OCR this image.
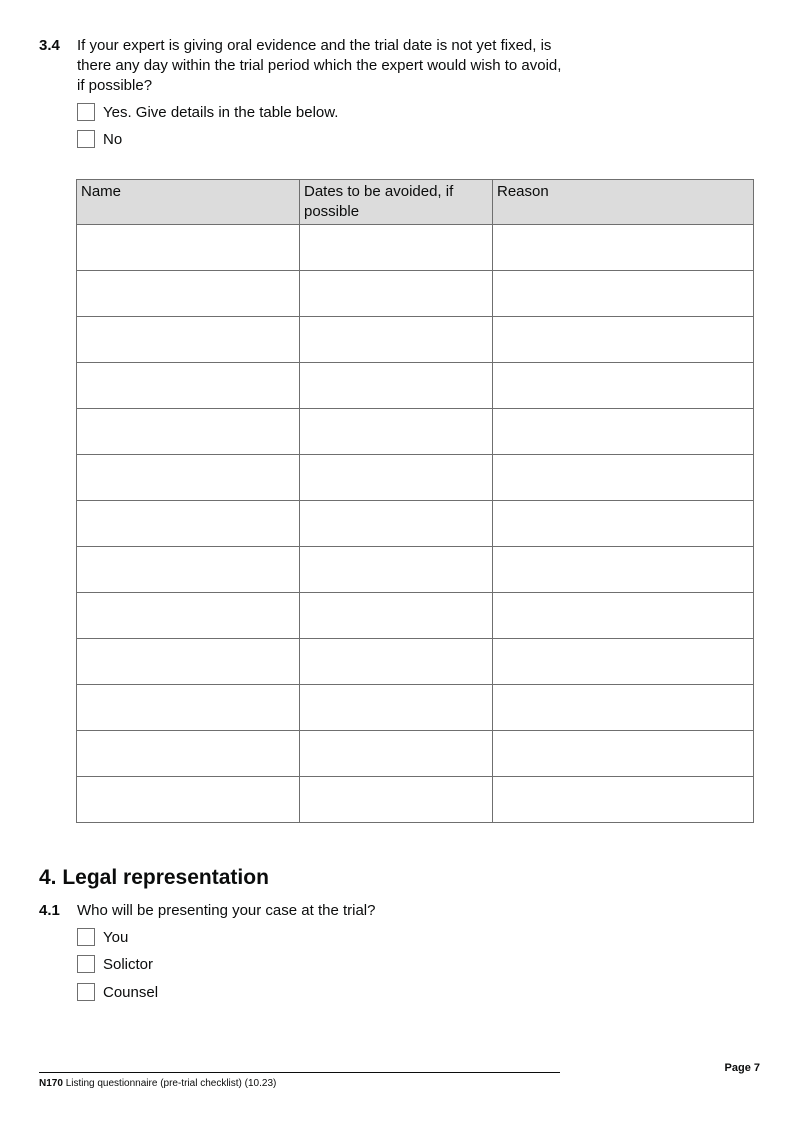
3.4 If your expert is giving oral evidence and the trial date is not yet fixed, is there any day within the trial period which the expert would wish to avoid, if possible?
Yes. Give details in the table below.
No
Name	Dates to be avoided, if possible	Reason

4. Legal representation
4.1 Who will be presenting your case at the trial?
You
Solictor
Counsel
Page 7
N170 Listing questionnaire (pre-trial checklist) (10.23)
